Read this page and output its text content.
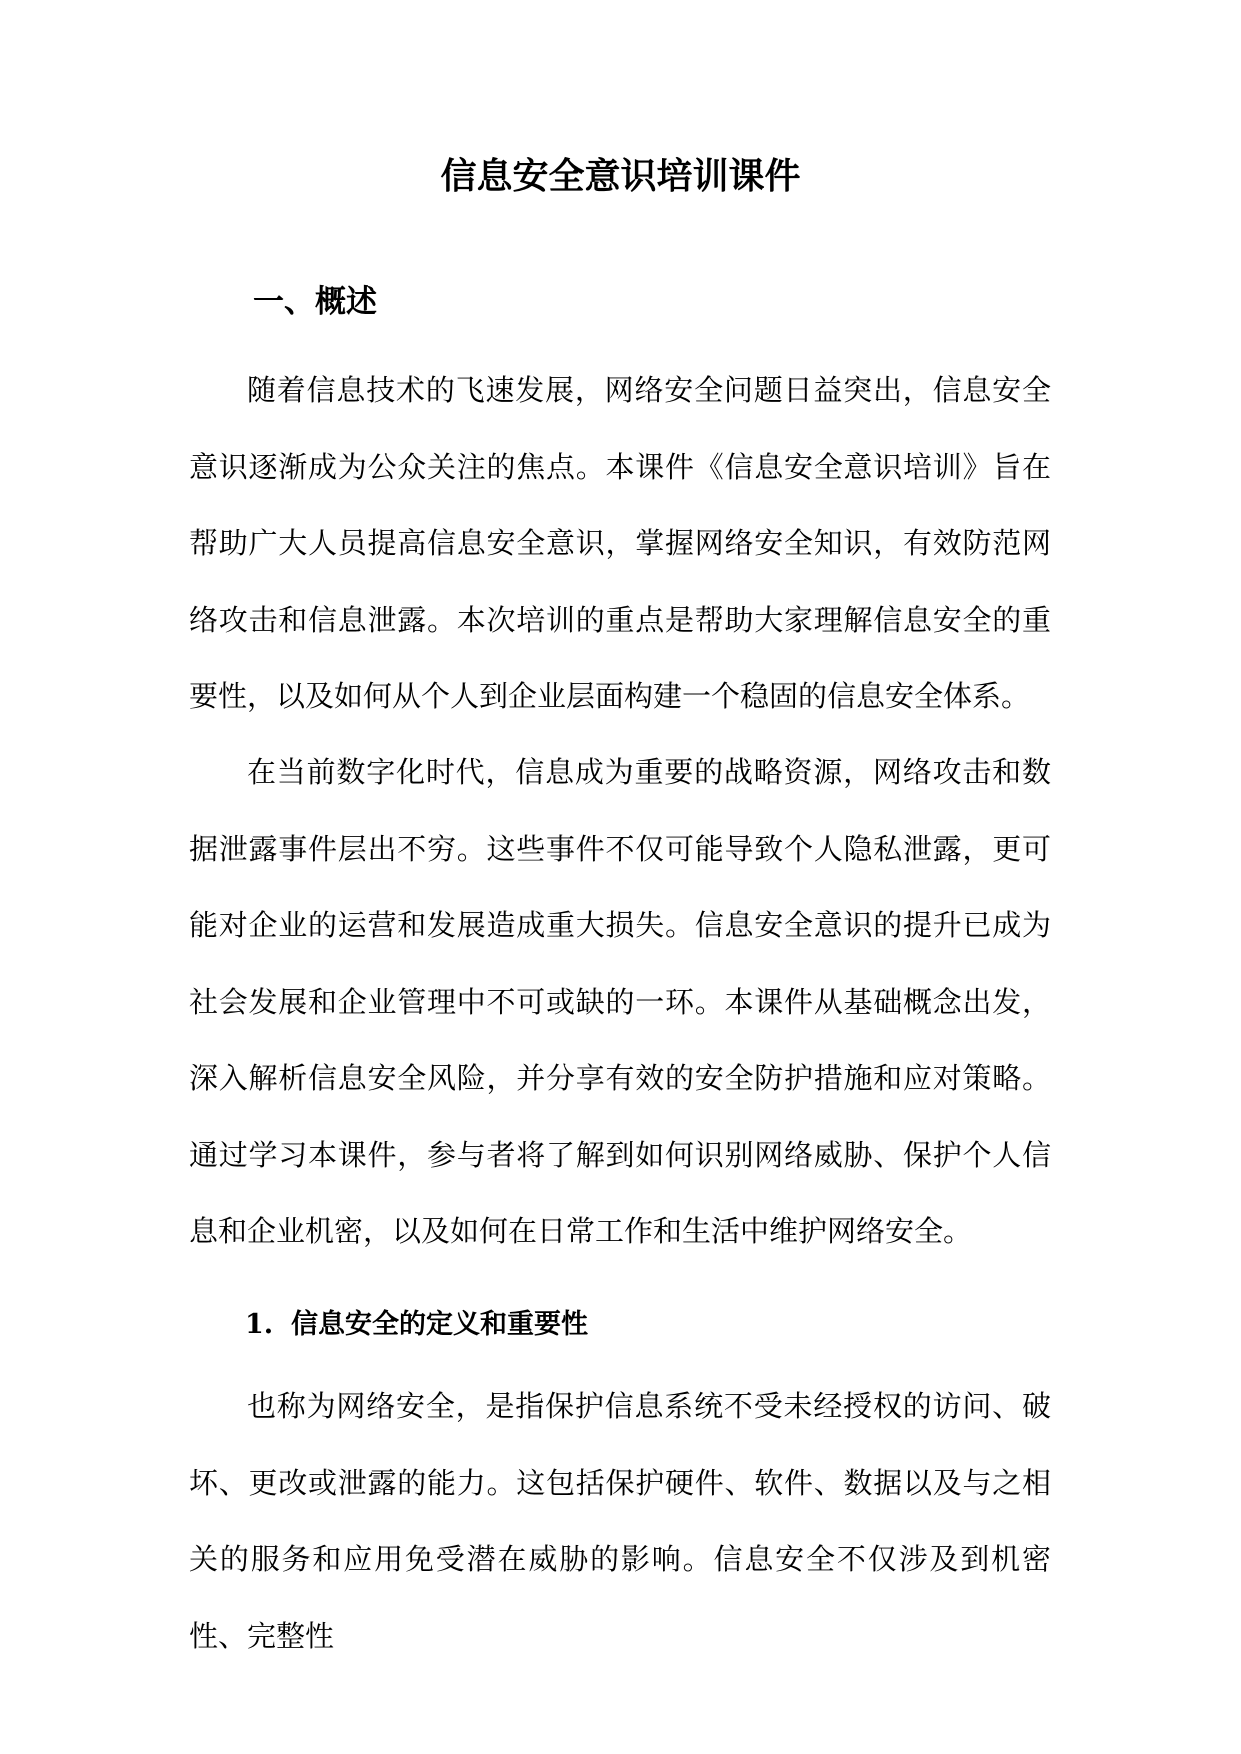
信息安全意识培训课件
一、概述

随着信息技术的飞速发展，网络安全问题日益突出，信息安全意识逐渐成为公众关注的焦点。本课件《信息安全意识培训》旨在帮助广大人员提高信息安全意识，掌握网络安全知识，有效防范网络攻击和信息泄露。本次培训的重点是帮助大家理解信息安全的重要性，以及如何从个人到企业层面构建一个稳固的信息安全体系。

在当前数字化时代，信息成为重要的战略资源，网络攻击和数据泄露事件层出不穷。这些事件不仅可能导致个人隐私泄露，更可能对企业的运营和发展造成重大损失。信息安全意识的提升已成为社会发展和企业管理中不可或缺的一环。本课件从基础概念出发，深入解析信息安全风险，并分享有效的安全防护措施和应对策略。通过学习本课件，参与者将了解到如何识别网络威胁、保护个人信息和企业机密，以及如何在日常工作和生活中维护网络安全。

1. 信息安全的定义和重要性

也称为网络安全，是指保护信息系统不受未经授权的访问、破坏、更改或泄露的能力。这包括保护硬件、软件、数据以及与之相关的服务和应用免受潜在威胁的影响。信息安全不仅涉及到机密性、完整性
